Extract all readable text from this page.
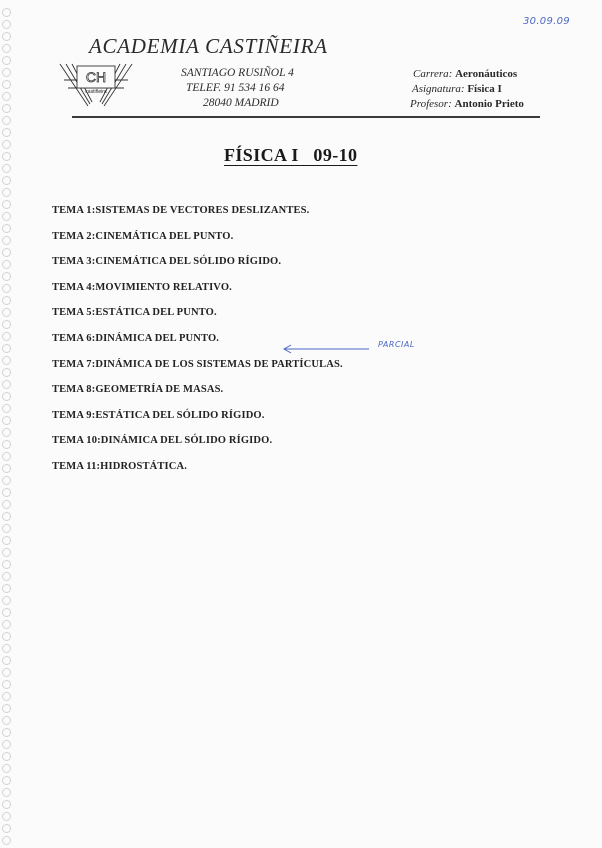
30.09.09
ACADEMIA CASTIÑEIRA
CH
castiñeira
SANTIAGO RUSIÑOL 4
TELEF. 91 534 16 64
28040 MADRID
Carrera: Aeronáuticos
Asignatura: Física I
Profesor: Antonio Prieto
FÍSICA I   09-10
TEMA 1:SISTEMAS DE VECTORES DESLIZANTES.
TEMA 2:CINEMÁTICA DEL PUNTO.
TEMA 3:CINEMÁTICA DEL SÓLIDO RÍGIDO.
TEMA 4:MOVIMIENTO RELATIVO.
TEMA 5:ESTÁTICA DEL PUNTO.
TEMA 6:DINÁMICA DEL PUNTO.
TEMA 7:DINÁMICA DE LOS SISTEMAS DE PARTÍCULAS.
TEMA 8:GEOMETRÍA DE MASAS.
TEMA 9:ESTÁTICA DEL SÓLIDO RÍGIDO.
TEMA 10:DINÁMICA DEL SÓLIDO RÍGIDO.
TEMA 11:HIDROSTÁTICA.
PARCIAL
